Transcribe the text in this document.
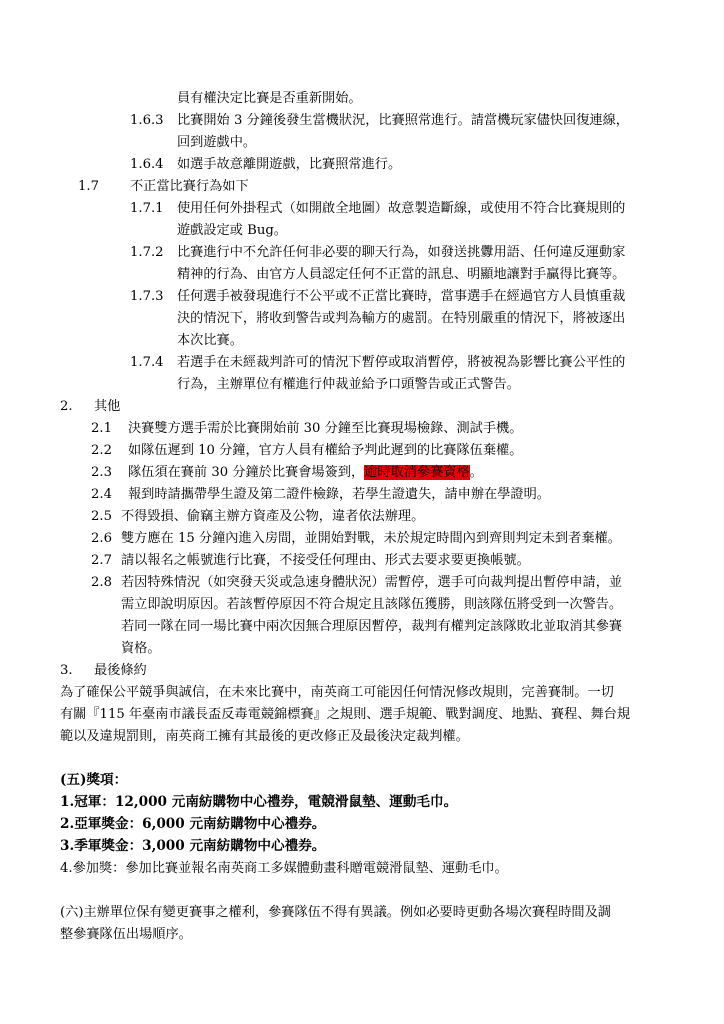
員有權決定比賽是否重新開始。
1.6.3 比賽開始 3 分鐘後發生當機狀況，比賽照常進行。請當機玩家儘快回復連線，
回到遊戲中。
1.6.4 如選手故意離開遊戲，比賽照常進行。
1.7 不正當比賽行為如下
1.7.1 使用任何外掛程式（如開啟全地圖）故意製造斷線，或使用不符合比賽規則的
遊戲設定或 Bug。
1.7.2 比賽進行中不允許任何非必要的聊天行為，如發送挑釁用語、任何違反運動家
精神的行為、由官方人員認定任何不正當的訊息、明顯地讓對手贏得比賽等。
1.7.3 任何選手被發現進行不公平或不正當比賽時，當事選手在經過官方人員慎重裁
決的情況下，將收到警告或判為輸方的處罰。在特別嚴重的情況下，將被逐出
本次比賽。
1.7.4 若選手在未經裁判許可的情況下暫停或取消暫停，將被視為影響比賽公平性的
行為，主辦單位有權進行仲裁並給予口頭警告或正式警告。
2. 其他
2.1 決賽雙方選手需於比賽開始前 30 分鐘至比賽現場檢錄、測試手機。
2.2 如隊伍遲到 10 分鐘，官方人員有權給予判此遲到的比賽隊伍棄權。
2.3 隊伍須在賽前 30 分鐘於比賽會場簽到，逾時取消參賽資格。
2.4 報到時請攜帶學生證及第二證件檢錄，若學生證遺失，請申辦在學證明。
2.5 不得毀損、偷竊主辦方資產及公物，違者依法辦理。
2.6 雙方應在 15 分鐘內進入房間，並開始對戰，未於規定時間內到齊則判定未到者棄權。
2.7 請以報名之帳號進行比賽，不接受任何理由、形式去要求要更換帳號。
2.8 若因特殊情況（如突發天災或急速身體狀況）需暫停，選手可向裁判提出暫停申請，並
需立即說明原因。若該暫停原因不符合規定且該隊伍獲勝，則該隊伍將受到一次警告。
若同一隊在同一場比賽中兩次因無合理原因暫停，裁判有權判定該隊敗北並取消其參賽
資格。
3. 最後條約
為了確保公平競爭與誠信，在未來比賽中，南英商工可能因任何情況修改規則，完善賽制。一切
有關『115 年臺南市議長盃反毒電競錦標賽』之規則、選手規範、戰對調度、地點、賽程、舞台規
範以及違規罰則，南英商工擁有其最後的更改修正及最後決定裁判權。
(五)獎項：
1.冠軍：12,000 元南紡購物中心禮券，電競滑鼠墊、運動毛巾。
2.亞軍獎金：6,000 元南紡購物中心禮券。
3.季軍獎金：3,000 元南紡購物中心禮券。
4.參加獎：參加比賽並報名南英商工多媒體動畫科贈電競滑鼠墊、運動毛巾。
(六)主辦單位保有變更賽事之權利，參賽隊伍不得有異議。例如必要時更動各場次賽程時間及調
整參賽隊伍出場順序。
